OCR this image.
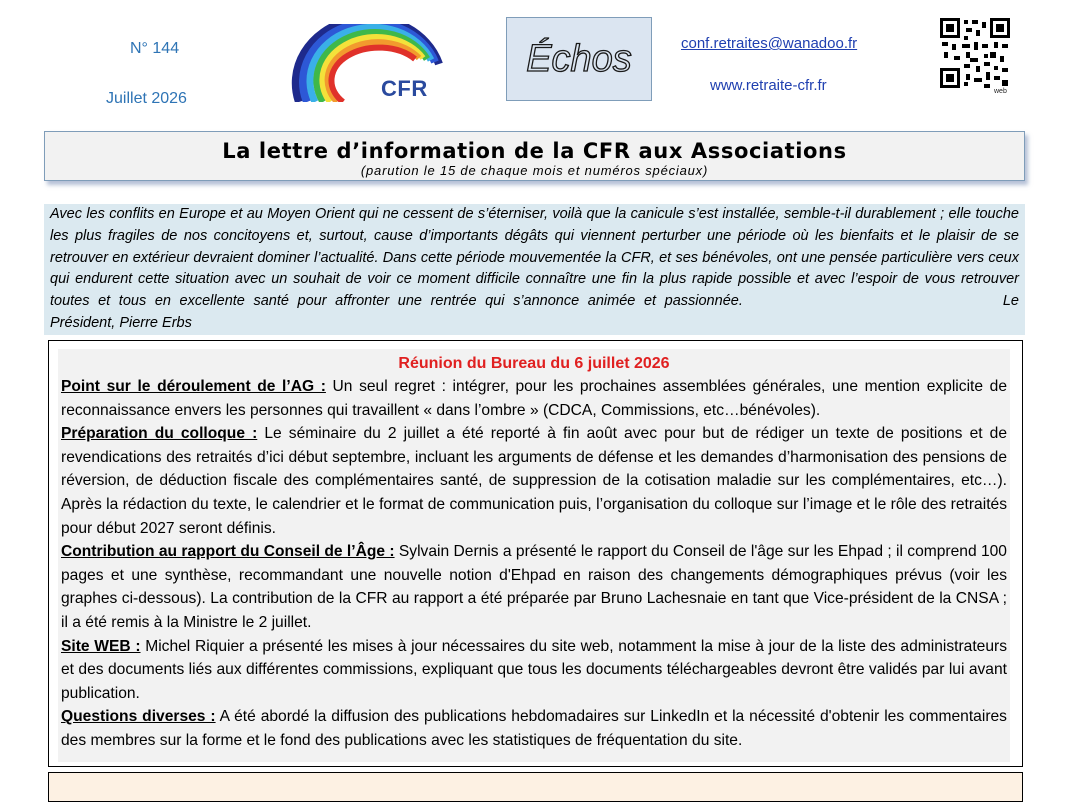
N° 144
Juillet 2026	CFR
Échos	conf.retraites@wanadoo.fr
www.retraite-cfr.fr	web
La lettre d’information de la CFR aux Associations
(parution le 15 de chaque mois et numéros spéciaux)

Avec les conflits en Europe et au Moyen Orient qui ne cessent de s’éterniser, voilà que la canicule s’est installée, semble-t-il durablement ; elle touche les plus fragiles de nos concitoyens et, surtout, cause d’importants dégâts qui viennent perturber une période où les bienfaits et le plaisir de se retrouver en extérieur devraient dominer l’actualité. Dans cette période mouvementée la CFR, et ses bénévoles, ont une pensée particulière vers ceux qui endurent cette situation avec un souhait de voir ce moment difficile connaître une fin la plus rapide possible et avec l’espoir de vous retrouver toutes et tous en excellente santé pour affronter une rentrée qui s’annonce animée et passionnée.	Le Président, Pierre Erbs

Réunion du Bureau du 6 juillet 2026

Point sur le déroulement de l’AG : Un seul regret : intégrer, pour les prochaines assemblées générales, une mention explicite de reconnaissance envers les personnes qui travaillent « dans l’ombre » (CDCA, Commissions, etc…bénévoles).

Préparation du colloque : Le séminaire du 2 juillet a été reporté à fin août avec pour but de rédiger un texte de positions et de revendications des retraités d’ici début septembre, incluant les arguments de défense et les demandes d’harmonisation des pensions de réversion, de déduction fiscale des complémentaires santé, de suppression de la cotisation maladie sur les complémentaires, etc…). Après la rédaction du texte, le calendrier et le format de communication puis, l’organisation du colloque sur l’image et le rôle des retraités pour début 2027 seront définis.

Contribution au rapport du Conseil de l’Âge : Sylvain Dernis a présenté le rapport du Conseil de l'âge sur les Ehpad ; il comprend 100 pages et une synthèse, recommandant une nouvelle notion d'Ehpad en raison des changements démographiques prévus (voir les graphes ci-dessous). La contribution de la CFR au rapport a été préparée par Bruno Lachesnaie en tant que Vice-président de la CNSA ; il a été remis à la Ministre le 2 juillet.

Site WEB : Michel Riquier a présenté les mises à jour nécessaires du site web, notamment la mise à jour de la liste des administrateurs et des documents liés aux différentes commissions, expliquant que tous les documents téléchargeables devront être validés par lui avant publication.

Questions diverses : A été abordé la diffusion des publications hebdomadaires sur LinkedIn et la nécessité d'obtenir les commentaires des membres sur la forme et le fond des publications avec les statistiques de fréquentation du site.
